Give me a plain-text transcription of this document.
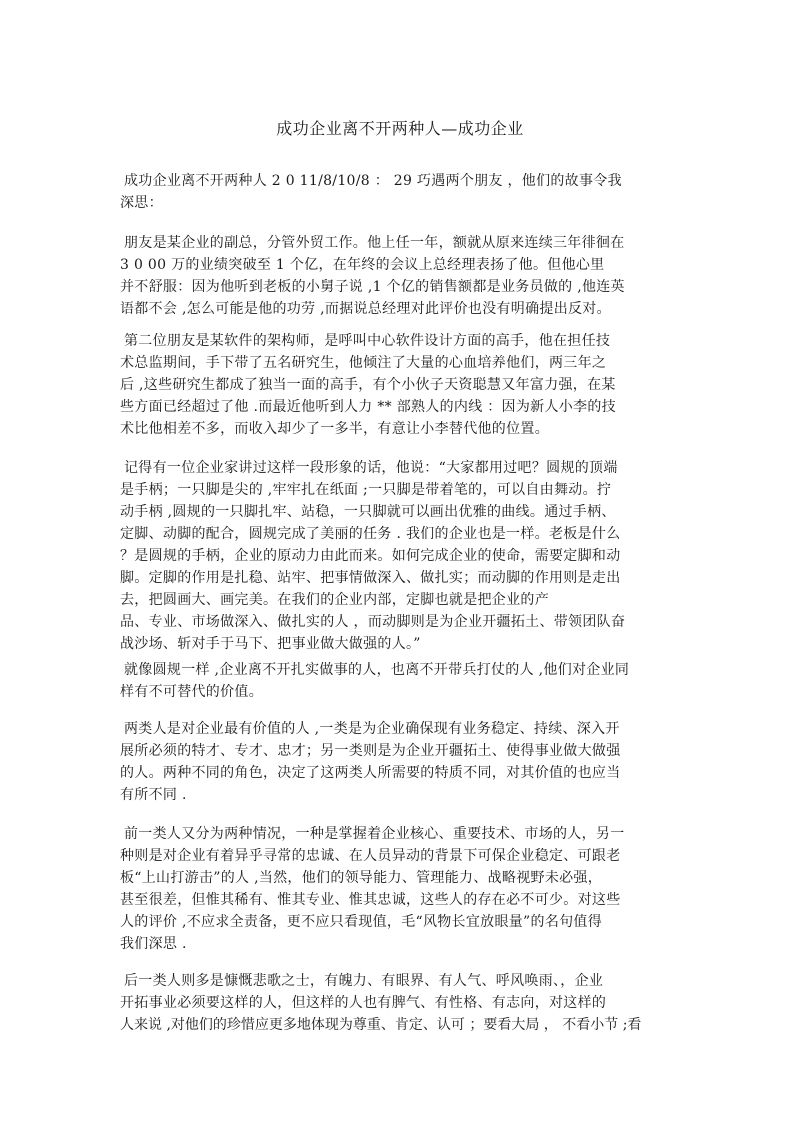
成功企业离不开两种人—成功企业
成功企业离不开两种人 2 0 11/8/10/8 ： 29 巧遇两个朋友 ，他们的故事令我
深思：
朋友是某企业的副总，分管外贸工作。他上任一年，额就从原来连续三年徘徊在
3 0 00 万的业绩突破至 1 个亿，在年终的会议上总经理表扬了他。但他心里
并不舒服：因为他听到老板的小舅子说 ,1 个亿的销售额都是业务员做的 ,他连英
语都不会 ,怎么可能是他的功劳 ,而据说总经理对此评价也没有明确提出反对。
第二位朋友是某软件的架构师，是呼叫中心软件设计方面的高手，他在担任技
术总监期间，手下带了五名研究生，他倾注了大量的心血培养他们，两三年之
后 ,这些研究生都成了独当一面的高手，有个小伙子天资聪慧又年富力强，在某
些方面已经超过了他 .而最近他听到人力 ** 部熟人的内线 ：因为新人小李的技
术比他相差不多，而收入却少了一多半，有意让小李替代他的位置。
记得有一位企业家讲过这样一段形象的话，他说：“大家都用过吧？圆规的顶端
是手柄；一只脚是尖的 ,牢牢扎在纸面 ;一只脚是带着笔的，可以自由舞动。拧
动手柄 ,圆规的一只脚扎牢、站稳，一只脚就可以画出优雅的曲线。通过手柄、
定脚、动脚的配合，圆规完成了美丽的任务 . 我们的企业也是一样。老板是什么
？是圆规的手柄，企业的原动力由此而来。如何完成企业的使命，需要定脚和动
脚。定脚的作用是扎稳、站牢、把事情做深入、做扎实；而动脚的作用则是走出
去，把圆画大、画完美。在我们的企业内部，定脚也就是把企业的产
品、专业、市场做深入、做扎实的人 ，而动脚则是为企业开疆拓土、带领团队奋
战沙场、斩对手于马下、把事业做大做强的人。”
就像圆规一样 ,企业离不开扎实做事的人，也离不开带兵打仗的人 ,他们对企业同
样有不可替代的价值。
两类人是对企业最有价值的人 ,一类是为企业确保现有业务稳定、持续、深入开
展所必须的特才、专才、忠才；另一类则是为企业开疆拓土、使得事业做大做强
的人。两种不同的角色，决定了这两类人所需要的特质不同，对其价值的也应当
有所不同 .
前一类人又分为两种情况，一种是掌握着企业核心、重要技术、市场的人，另一
种则是对企业有着异乎寻常的忠诚、在人员异动的背景下可保企业稳定、可跟老
板“上山打游击”的人 ,当然，他们的领导能力、管理能力、战略视野未必强，
甚至很差，但惟其稀有、惟其专业、惟其忠诚，这些人的存在必不可少。对这些
人的评价 ,不应求全责备，更不应只看现值，毛“风物长宜放眼量”的名句值得
我们深思 .
后一类人则多是慷慨悲歌之士，有魄力、有眼界、有人气、呼风唤雨、，企业
开拓事业必须要这样的人，但这样的人也有脾气、有性格、有志向，对这样的
人来说 ,对他们的珍惜应更多地体现为尊重、肯定、认可 ；要看大局 ， 不看小节 ;看
